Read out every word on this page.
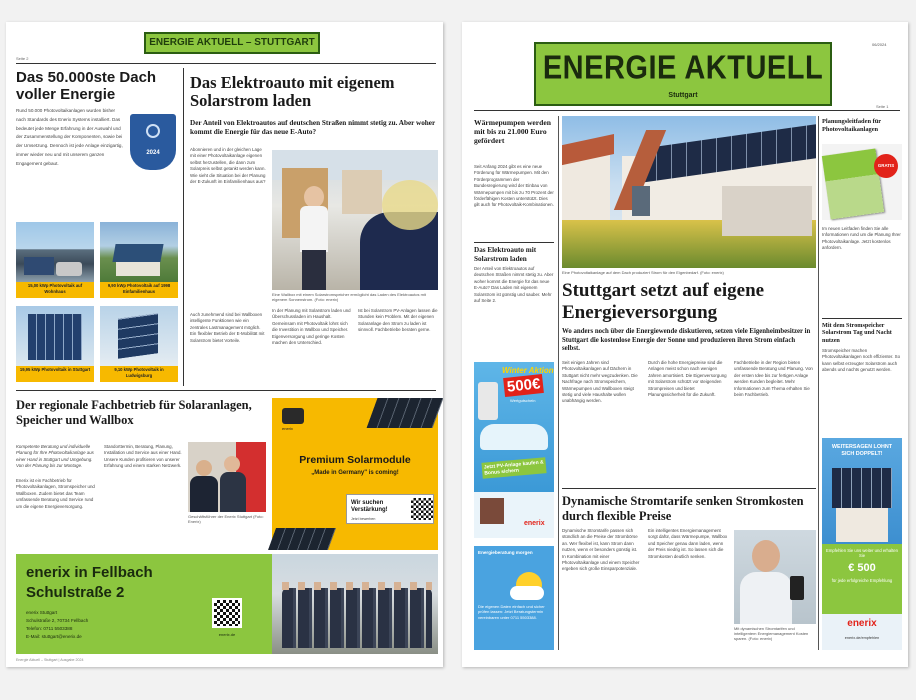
ENERGIE AKTUELL – STUTTGART
Seite 2
Das 50.000ste Dach voller Energie
Rund 50.000 Photovoltaikanlagen wurden bisher nach Standards des Enerix Systems installiert. Das bedeutet jede Menge Erfahrung in der Auswahl und der Zusammenstellung der Komponenten, sowie bei der Umsetzung. Dennoch ist jede Anlage einzigartig, immer wieder neu und mit unserem ganzen Engagement gebaut.
2024
15,00 kWp Photovoltaik auf Wohnhaus
9,90 kWp Photovoltaik auf 1998 Einfamilienhaus
19,95 kWp Photovoltaik in Stuttgart	9,10 kWp Photovoltaik in Ludwigsburg
Das Elektroauto mit eigenem Solarstrom laden
Der Anteil von Elektroautos auf deutschen Straßen nimmt stetig zu. Aber woher kommt die Energie für das neue E-Auto?
Abonnieren und in der gleichen Lage mit einer Photovoltaikanlage eigenen selbst herzustellen, die dann zum Solarpreis selbst getankt werden kann. Wie sieht die Situation bei der Planung der E-Zukunft im Einfamilienhaus aus?
Eine Wallbox mit einem Solarstromspeicher ermöglicht das Laden des Elektroautos mit eigenem Sonnenstrom. (Foto: enerix)
In der Planung mit Solarstrom laden und Überschussladen im Haushalt. Gemeinsam mit Photovoltaik lohnt sich die Investition in Wallbox und Speicher. Eigenversorgung und geringe Kosten machen den Unterschied.
Ist bei Solarstrom PV-Anlagen lassen die Stunden kein Problem. Mit der eigenen Solaranlage den Strom zu laden ist sinnvoll. Fachbetriebe beraten gerne.
Auch zunehmend sind bei Wallboxen intelligente Funktionen wie ein zentrales Lastmanagement möglich. Ein flexibler Betrieb der E-Mobilität mit Solarstrom bietet Vorteile.
Der regionale Fachbetrieb für Solaranlagen, Speicher und Wallbox
Kompetente Beratung und individuelle Planung für Ihre Photovoltaikanlage aus einer Hand in Stuttgart und Umgebung. Von der Planung bis zur Montage.
Enerix ist ein Fachbetrieb für Photovoltaikanlagen, Stromspeicher und Wallboxen. Zudem bietet das Team umfassende Beratung und Service rund um die eigene Energieversorgung.
Standorttermin, Beratung, Planung, Installation und Service aus einer Hand. Unsere Kunden profitieren von unserer Erfahrung und einem starken Netzwerk.
Geschäftsführer der Enerix Stuttgart (Foto: Enerix)
enerix
Premium Solarmodule
„Made in Germany" is coming!
Wir suchen Verstärkung!
Jetzt bewerben
enerix in Fellbach
Schulstraße 2
enerix Stuttgart
Schulstraße 2, 70734 Fellbach
Telefon: 0711 5503388
E-Mail: stuttgart@enerix.de	enerix.de
Energie Aktuell – Stuttgart | Ausgabe 2024
ENERGIE AKTUELL
Stuttgart
06/2024
Seite 1
Wärmepumpen werden mit bis zu 21.000 Euro gefördert
Seit Anfang 2024 gibt es eine neue Förderung für Wärmepumpen. Mit den Förderprogrammen der Bundesregierung wird der Einbau von Wärmepumpen mit bis zu 70 Prozent der förderfähigen Kosten unterstützt. Dies gilt auch für Photovoltaik-Kombinationen.
Das Elektroauto mit Solarstrom laden
Der Anteil von Elektroautos auf deutschen Straßen nimmt stetig zu. Aber woher kommt die Energie für das neue E-Auto? Das Laden mit eigenem Solarstrom ist günstig und sauber. Mehr auf Seite 2.
Winter Aktion
500€
Wertgutschein
Jetzt PV-Anlage kaufen & Bonus sichern
enerix
Energieberatung morgen
Die eigenen Daten einfach und sicher prüfen lassen: Jetzt Beratungstermin vereinbaren unter 0711 5503388.
Eine Photovoltaikanlage auf dem Dach produziert Strom für den Eigenbedarf. (Foto: enerix)
Stuttgart setzt auf eigene Energieversorgung
Wo anders noch über die Energiewende diskutieren, setzen viele Eigenheimbesitzer in Stuttgart die kostenlose Energie der Sonne und produzieren ihren Strom einfach selbst.
Seit einigen Jahren sind Photovoltaikanlagen auf Dächern in Stuttgart nicht mehr wegzudenken. Die Nachfrage nach Stromspeichern, Wärmepumpen und Wallboxen steigt stetig und viele Haushalte wollen unabhängig werden.
Durch die hohe Energiepreise sind die Anlagen meist schon nach wenigen Jahren amortisiert. Die Eigenversorgung mit Solarstrom schützt vor steigenden Strompreisen und bietet Planungssicherheit für die Zukunft.
Fachbetriebe in der Region bieten umfassende Beratung und Planung. Von der ersten Idee bis zur fertigen Anlage werden Kunden begleitet. Mehr Informationen zum Thema erhalten Sie beim Fachbetrieb.
Dynamische Stromtarife senken Stromkosten durch flexible Preise
Dynamische Stromtarife passen sich stündlich an die Preise der Strombörse an. Wer flexibel ist, kann Strom dann nutzen, wenn er besonders günstig ist. In Kombination mit einer Photovoltaikanlage und einem Speicher ergeben sich große Einsparpotenziale.
Ein intelligentes Energiemanagement sorgt dafür, dass Wärmepumpe, Wallbox und Speicher genau dann laden, wenn der Preis niedrig ist. So lassen sich die Stromkosten deutlich senken.
Mit dynamischen Stromtarifen und intelligentem Energiemanagement Kosten sparen. (Foto: enerix)
Planungsleitfaden für Photovoltaikanlagen
GRATIS
Im neuen Leitfaden finden Sie alle Informationen rund um die Planung Ihrer Photovoltaikanlage. Jetzt kostenlos anfordern.
Mit dem Stromspeicher Solarstrom Tag und Nacht nutzen
Stromspeicher machen Photovoltaikanlagen noch effizienter. So kann selbst erzeugter Solarstrom auch abends und nachts genutzt werden.
WEITERSAGEN LOHNT SICH DOPPELT!
Empfehlen Sie uns weiter und erhalten Sie
€ 500
für jede erfolgreiche Empfehlung
enerix
enerix.de/empfehlen
